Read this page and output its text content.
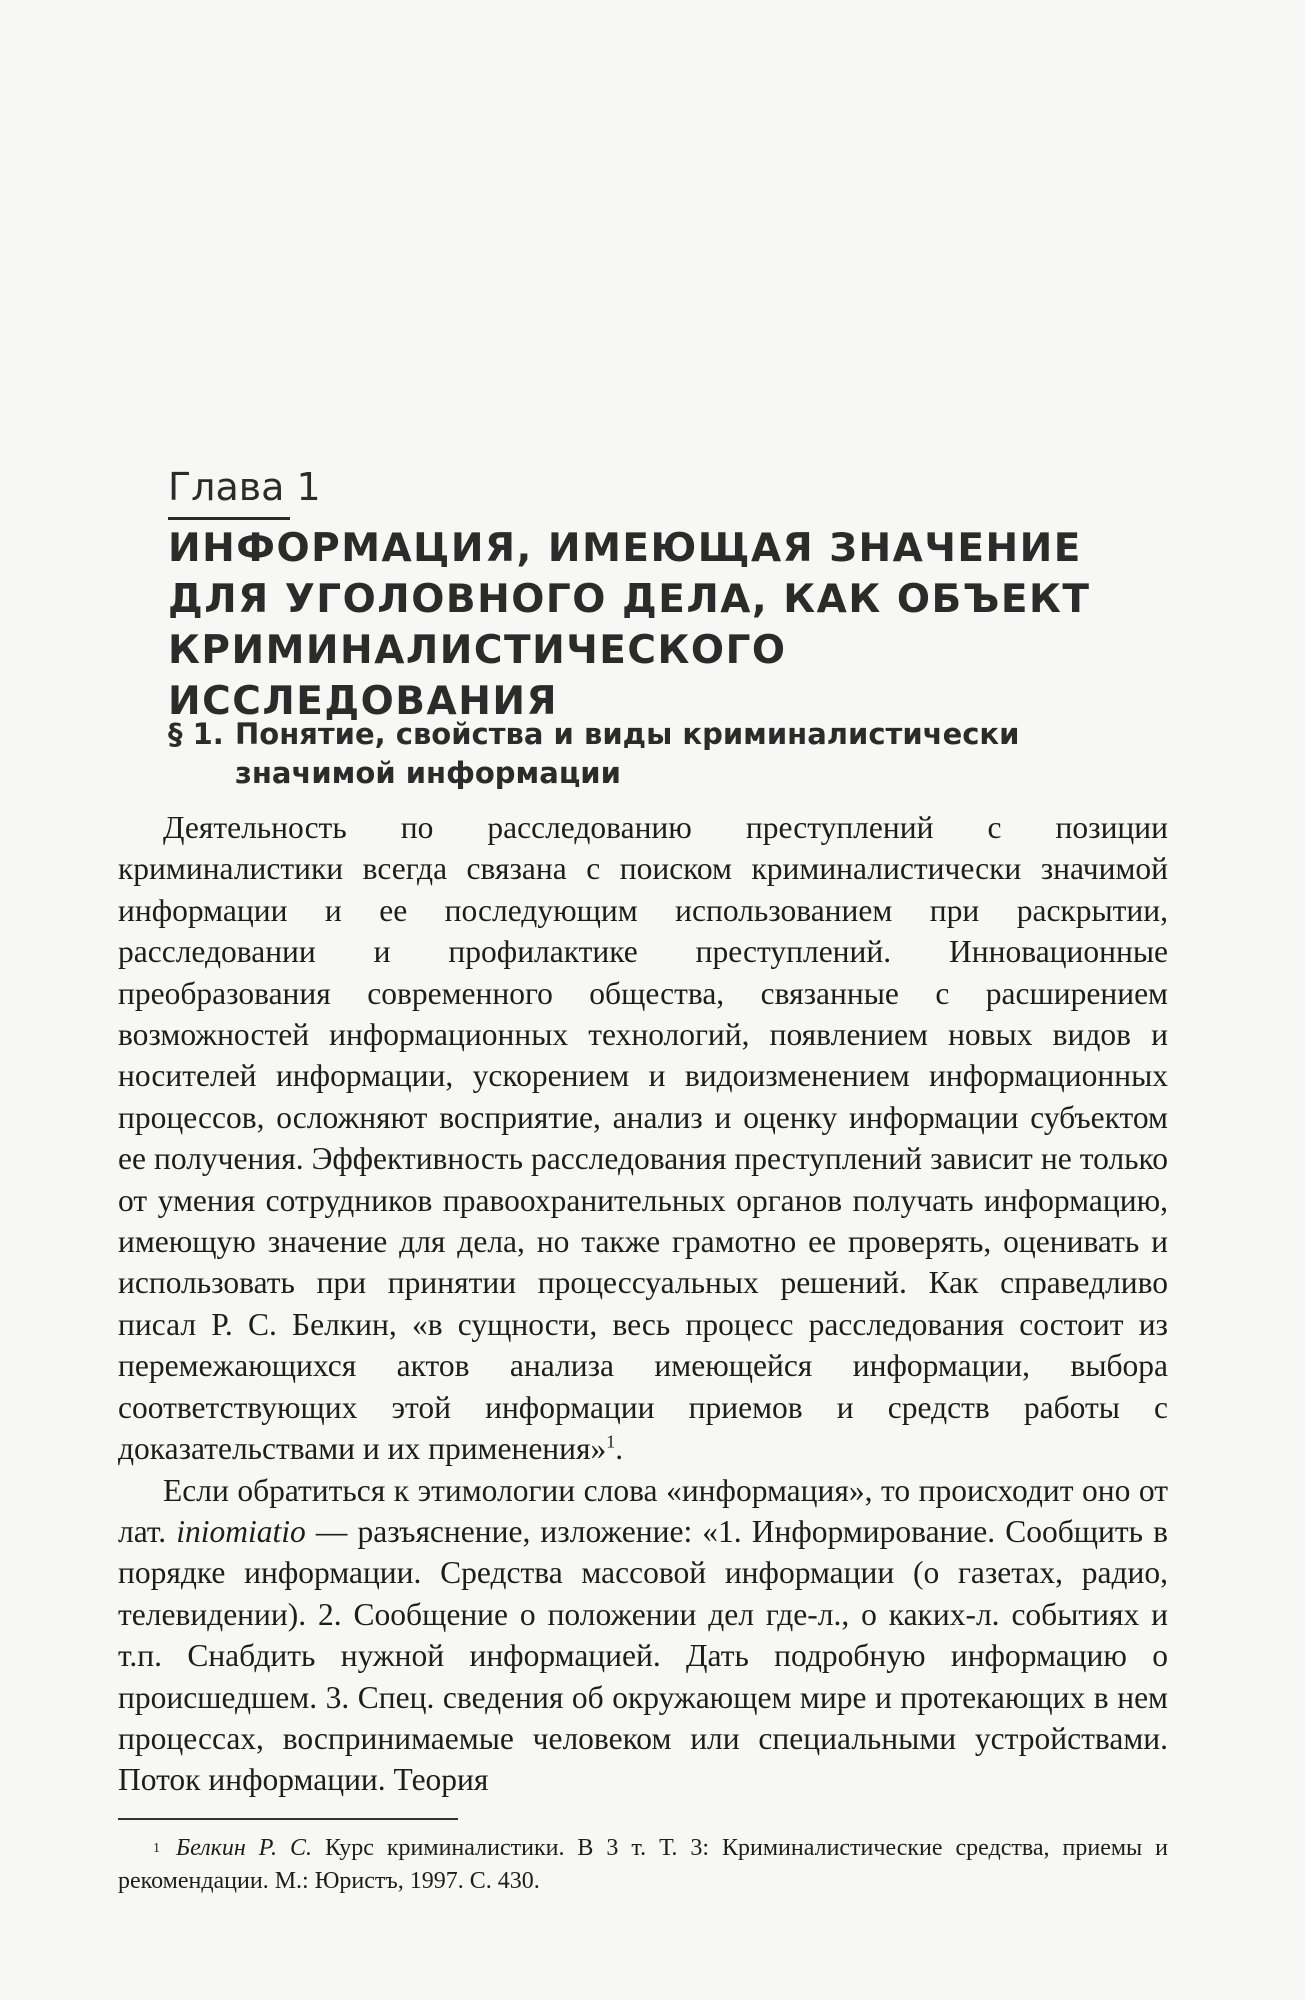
Глава 1
ИНФОРМАЦИЯ, ИМЕЮЩАЯ ЗНАЧЕНИЕ
ДЛЯ УГОЛОВНОГО ДЕЛА, КАК ОБЪЕКТ
КРИМИНАЛИСТИЧЕСКОГО ИССЛЕДОВАНИЯ
§ 1. Понятие, свойства и виды криминалистически
значимой информации

Деятельность по расследованию преступлений с позиции криминалистики всегда связана с поиском криминалистически значимой информации и ее последующим использованием при раскрытии, расследовании и профилактике преступлений. Инновационные преобразования современного общества, связанные с расширением возможностей информационных технологий, появлением новых видов и носителей информации, ускорением и видоизменением информационных процессов, осложняют восприятие, анализ и оценку информации субъектом ее получения. Эффективность расследования преступлений зависит не только от умения сотрудников правоохранительных органов получать информацию, имеющую значение для дела, но также грамотно ее проверять, оценивать и использовать при принятии процессуальных решений. Как справедливо писал Р. С. Белкин, «в сущности, весь процесс расследования состоит из перемежающихся актов анализа имеющейся информации, выбора соответствующих этой информации приемов и средств работы с доказательствами и их применения»$^1$.

Если обратиться к этимологии слова «информация», то происходит оно от лат. iniomiatio — разъяснение, изложение: «1. Информирование. Сообщить в порядке информации. Средства массовой информации (о газетах, радио, телевидении). 2. Сообщение о положении дел где-л., о каких-л. событиях и т.п. Снабдить нужной информацией. Дать подробную информацию о происшедшем. 3. Спец. сведения об окружающем мире и протекающих в нем процессах, воспринимаемые человеком или специальными устройствами. Поток информации. Теория

$^1$ Белкин Р. С. Курс криминалистики. В 3 т. Т. 3: Криминалистические средства, приемы и рекомендации. М.: Юристъ, 1997. С. 430.
